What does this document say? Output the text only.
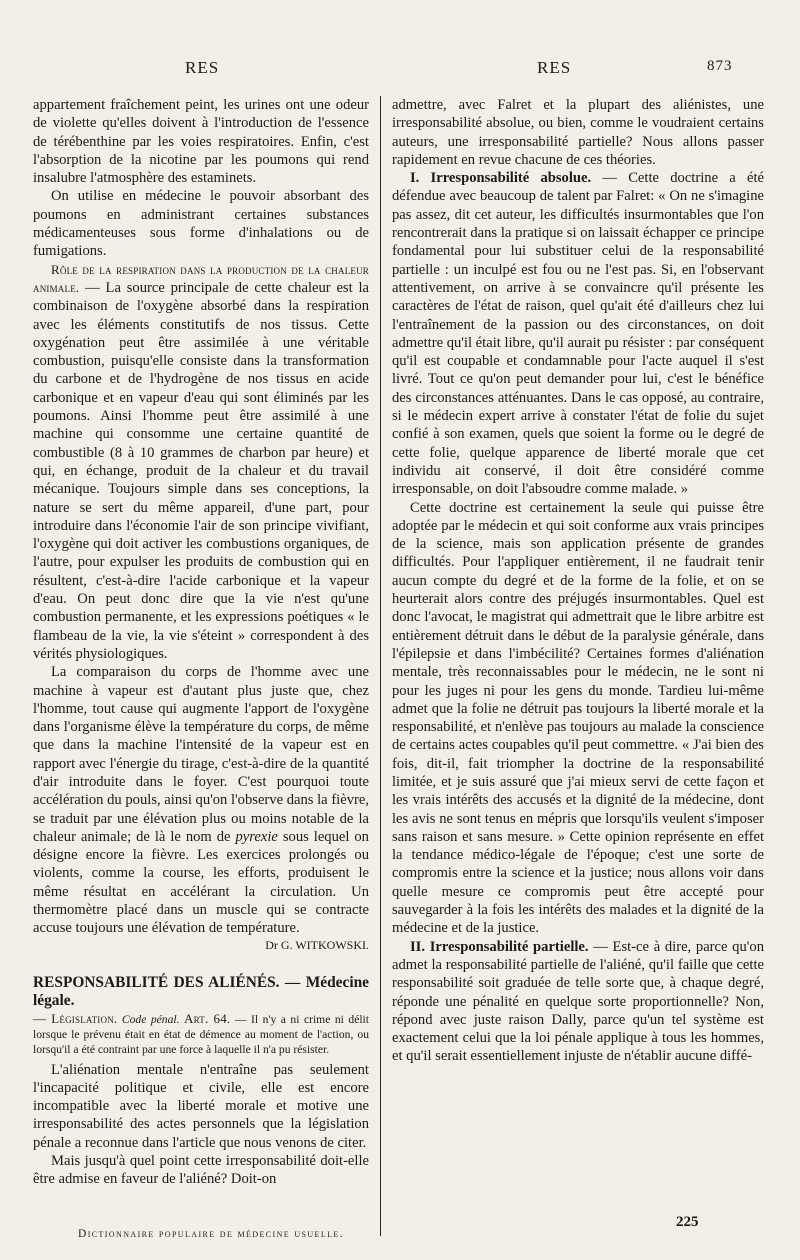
RES	RES	873

appartement fraîchement peint, les urines ont une odeur de violette qu'elles doivent à l'introduction de l'essence de térébenthine par les voies respiratoires. Enfin, c'est l'absorption de la nicotine par les poumons qui rend insalubre l'atmosphère des estaminets.

On utilise en médecine le pouvoir absorbant des poumons en administrant certaines substances médicamenteuses sous forme d'inhalations ou de fumigations.

Rôle de la respiration dans la production de la chaleur animale. — La source principale de cette chaleur est la combinaison de l'oxygène absorbé dans la respiration avec les éléments constitutifs de nos tissus. Cette oxygénation peut être assimilée à une véritable combustion, puisqu'elle consiste dans la transformation du carbone et de l'hydrogène de nos tissus en acide carbonique et en vapeur d'eau qui sont éliminés par les poumons. Ainsi l'homme peut être assimilé à une machine qui consomme une certaine quantité de combustible (8 à 10 grammes de charbon par heure) et qui, en échange, produit de la chaleur et du travail mécanique. Toujours simple dans ses conceptions, la nature se sert du même appareil, d'une part, pour introduire dans l'économie l'air de son principe vivifiant, l'oxygène qui doit activer les combustions organiques, de l'autre, pour expulser les produits de combustion qui en résultent, c'est-à-dire l'acide carbonique et la vapeur d'eau. On peut donc dire que la vie n'est qu'une combustion permanente, et les expressions poétiques « le flambeau de la vie, la vie s'éteint » correspondent à des vérités physiologiques.

La comparaison du corps de l'homme avec une machine à vapeur est d'autant plus juste que, chez l'homme, tout cause qui augmente l'apport de l'oxygène dans l'organisme élève la température du corps, de même que dans la machine l'intensité de la vapeur est en rapport avec l'énergie du tirage, c'est-à-dire de la quantité d'air introduite dans le foyer. C'est pourquoi toute accélération du pouls, ainsi qu'on l'observe dans la fièvre, se traduit par une élévation plus ou moins notable de la chaleur animale; de là le nom de pyrexie sous lequel on désigne encore la fièvre. Les exercices prolongés ou violents, comme la course, les efforts, produisent le même résultat en accélérant la circulation. Un thermomètre placé dans un muscle qui se contracte accuse toujours une élévation de température.

Dr G. WITKOWSKI.

RESPONSABILITÉ DES ALIÉNÉS. — Médecine légale.

— Législation. Code pénal. Art. 64. — Il n'y a ni crime ni délit lorsque le prévenu était en état de démence au moment de l'action, ou lorsqu'il a été contraint par une force à laquelle il n'a pu résister.

L'aliénation mentale n'entraîne pas seulement l'incapacité politique et civile, elle est encore incompatible avec la liberté morale et motive une irresponsabilité des actes personnels que la législation pénale a reconnue dans l'article que nous venons de citer.

Mais jusqu'à quel point cette irresponsabilité doit-elle être admise en faveur de l'aliéné? Doit-on

admettre, avec Falret et la plupart des aliénistes, une irresponsabilité absolue, ou bien, comme le voudraient certains auteurs, une irresponsabilité partielle? Nous allons passer rapidement en revue chacune de ces théories.

I. Irresponsabilité absolue. — Cette doctrine a été défendue avec beaucoup de talent par Falret: « On ne s'imagine pas assez, dit cet auteur, les difficultés insurmontables que l'on rencontrerait dans la pratique si on laissait échapper ce principe fondamental pour lui substituer celui de la responsabilité partielle : un inculpé est fou ou ne l'est pas. Si, en l'observant attentivement, on arrive à se convaincre qu'il présente les caractères de l'état de raison, quel qu'ait été d'ailleurs chez lui l'entraînement de la passion ou des circonstances, on doit admettre qu'il était libre, qu'il aurait pu résister : par conséquent qu'il est coupable et condamnable pour l'acte auquel il s'est livré. Tout ce qu'on peut demander pour lui, c'est le bénéfice des circonstances atténuantes. Dans le cas opposé, au contraire, si le médecin expert arrive à constater l'état de folie du sujet confié à son examen, quels que soient la forme ou le degré de cette folie, quelque apparence de liberté morale que cet individu ait conservé, il doit être considéré comme irresponsable, on doit l'absoudre comme malade. »

Cette doctrine est certainement la seule qui puisse être adoptée par le médecin et qui soit conforme aux vrais principes de la science, mais son application présente de grandes difficultés. Pour l'appliquer entièrement, il ne faudrait tenir aucun compte du degré et de la forme de la folie, et on se heurterait alors contre des préjugés insurmontables. Quel est donc l'avocat, le magistrat qui admettrait que le libre arbitre est entièrement détruit dans le début de la paralysie générale, dans l'épilepsie et dans l'imbécilité? Certaines formes d'aliénation mentale, très reconnaissables pour le médecin, ne le sont ni pour les juges ni pour les gens du monde. Tardieu lui-même admet que la folie ne détruit pas toujours la liberté morale et la responsabilité, et n'enlève pas toujours au malade la conscience de certains actes coupables qu'il peut commettre. « J'ai bien des fois, dit-il, fait triompher la doctrine de la responsabilité limitée, et je suis assuré que j'ai mieux servi de cette façon et les vrais intérêts des accusés et la dignité de la médecine, dont les avis ne sont tenus en mépris que lorsqu'ils veulent s'imposer sans raison et sans mesure. » Cette opinion représente en effet la tendance médico-légale de l'époque; c'est une sorte de compromis entre la science et la justice; nous allons voir dans quelle mesure ce compromis peut être accepté pour sauvegarder à la fois les intérêts des malades et la dignité de la médecine et de la justice.

II. Irresponsabilité partielle. — Est-ce à dire, parce qu'on admet la responsabilité partielle de l'aliéné, qu'il faille que cette responsabilité soit graduée de telle sorte que, à chaque degré, réponde une pénalité en quelque sorte proportionnelle? Non, répond avec juste raison Dally, parce qu'un tel système est exactement celui que la loi pénale applique à tous les hommes, et qu'il serait essentiellement injuste de n'établir aucune diffé-

Dictionnaire populaire de médecine usuelle.
225
